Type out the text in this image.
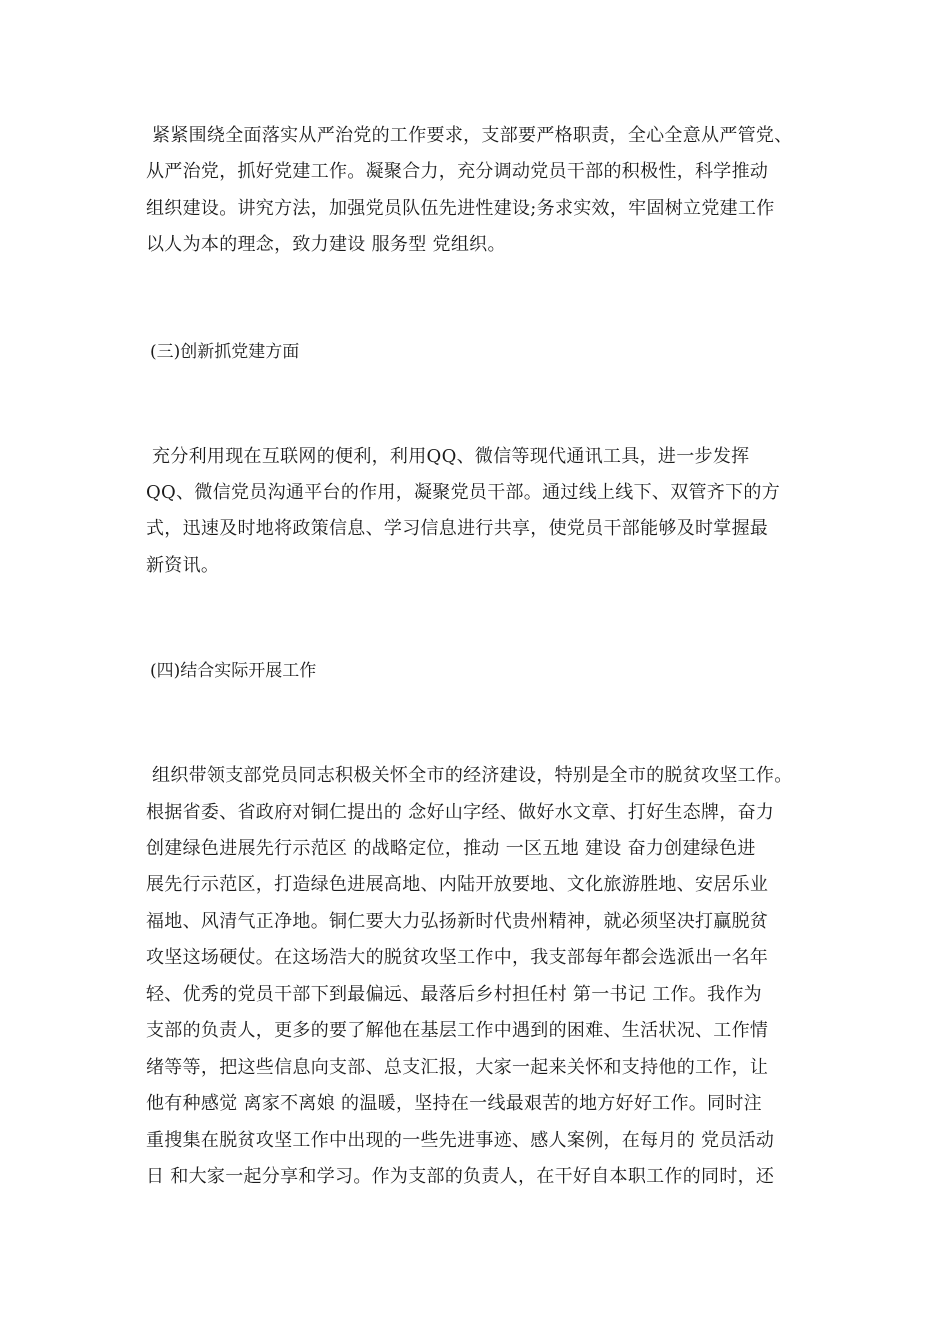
紧紧围绕全面落实从严治党的工作要求，支部要严格职责，全心全意从严管党、
从严治党，抓好党建工作。凝聚合力，充分调动党员干部的积极性，科学推动
组织建设。讲究方法，加强党员队伍先进性建设;务求实效，牢固树立党建工作
以人为本的理念，致力建设 服务型 党组织。
(三)创新抓党建方面
充分利用现在互联网的便利，利用QQ、微信等现代通讯工具，进一步发挥
QQ、微信党员沟通平台的作用，凝聚党员干部。通过线上线下、双管齐下的方
式，迅速及时地将政策信息、学习信息进行共享，使党员干部能够及时掌握最
新资讯。
(四)结合实际开展工作
组织带领支部党员同志积极关怀全市的经济建设，特别是全市的脱贫攻坚工作。
根据省委、省政府对铜仁提出的 念好山字经、做好水文章、打好生态牌，奋力
创建绿色进展先行示范区 的战略定位，推动 一区五地 建设 奋力创建绿色进
展先行示范区，打造绿色进展高地、内陆开放要地、文化旅游胜地、安居乐业
福地、风清气正净地。铜仁要大力弘扬新时代贵州精神，就必须坚决打赢脱贫
攻坚这场硬仗。在这场浩大的脱贫攻坚工作中，我支部每年都会选派出一名年
轻、优秀的党员干部下到最偏远、最落后乡村担任村 第一书记 工作。我作为
支部的负责人，更多的要了解他在基层工作中遇到的困难、生活状况、工作情
绪等等，把这些信息向支部、总支汇报，大家一起来关怀和支持他的工作，让
他有种感觉 离家不离娘 的温暖，坚持在一线最艰苦的地方好好工作。同时注
重搜集在脱贫攻坚工作中出现的一些先进事迹、感人案例，在每月的 党员活动
日 和大家一起分享和学习。作为支部的负责人，在干好自本职工作的同时，还
